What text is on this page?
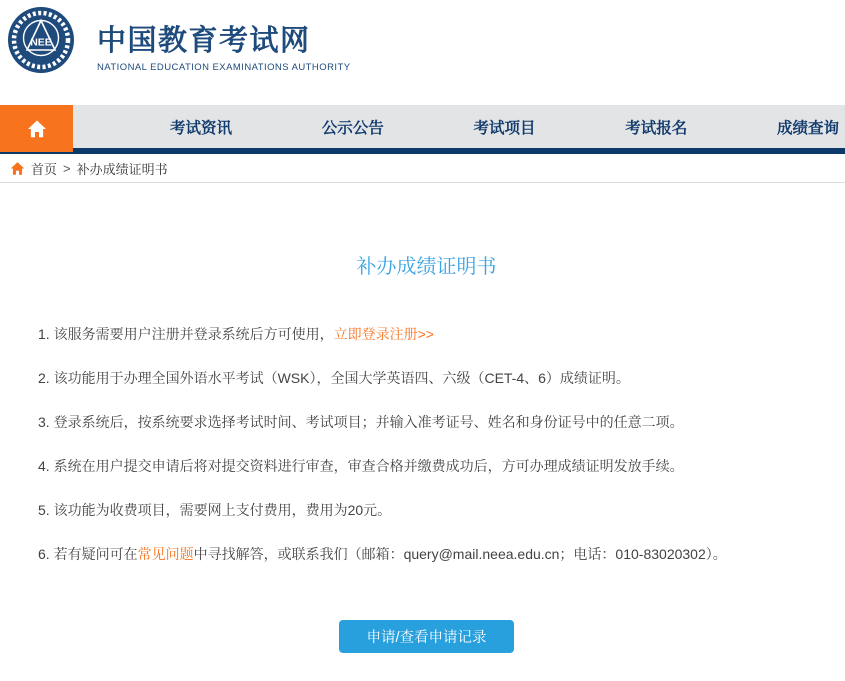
NEE 中国教育考试网
NATIONAL EDUCATION EXAMINATIONS AUTHORITY
考试资讯	公示公告	考试项目	考试报名	成绩查询
首页 > 补办成绩证明书
补办成绩证明书

1. 该服务需要用户注册并登录系统后方可使用，立即登录注册>>

2. 该功能用于办理全国外语水平考试（WSK），全国大学英语四、六级（CET-4、6）成绩证明。

3. 登录系统后，按系统要求选择考试时间、考试项目；并输入准考证号、姓名和身份证号中的任意二项。

4. 系统在用户提交申请后将对提交资料进行审查，审查合格并缴费成功后，方可办理成绩证明发放手续。

5. 该功能为收费项目，需要网上支付费用，费用为20元。

6. 若有疑问可在常见问题中寻找解答，或联系我们（邮箱：query@mail.neea.edu.cn；电话：010-83020302）。

申请/查看申请记录
